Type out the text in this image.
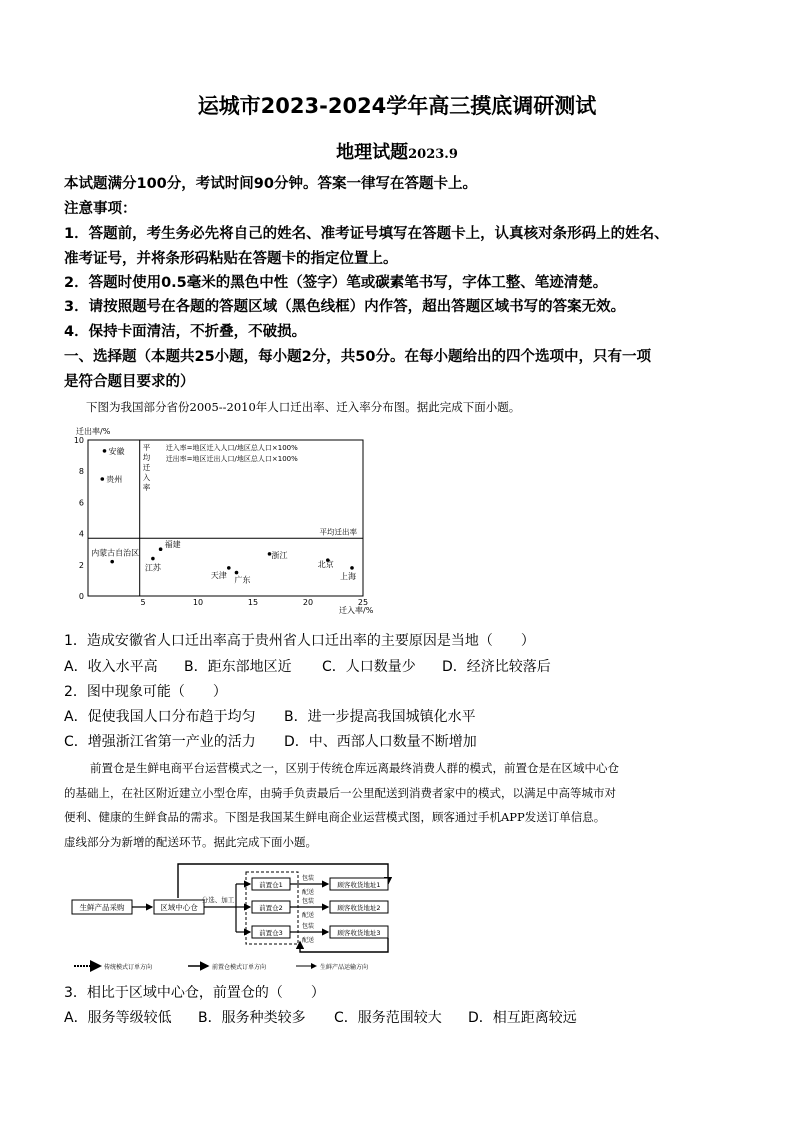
运城市2023-2024学年高三摸底调研测试
地理试题2023.9
本试题满分100分，考试时间90分钟。答案一律写在答题卡上。
注意事项：
1．答题前，考生务必先将自己的姓名、准考证号填写在答题卡上，认真核对条形码上的姓名、
准考证号，并将条形码粘贴在答题卡的指定位置上。
2．答题时使用0.5毫米的黑色中性（签字）笔或碳素笔书写，字体工整、笔迹清楚。
3．请按照题号在各题的答题区域（黑色线框）内作答，超出答题区域书写的答案无效。
4．保持卡面清洁，不折叠，不破损。
一、选择题（本题共25小题，每小题2分，共50分。在每小题给出的四个选项中，只有一项
是符合题目要求的）
下图为我国部分省份2005--2010年人口迁出率、迁入率分布图。据此完成下面小题。
迁出率/%
迁入率/%
0
2
4
6
8
10
5	10	15	20	25
平均迁出率
平均迁入率
迁入率=地区迁入人口/地区总人口×100%
迁出率=地区迁出人口/地区总人口×100%
安徽
贵州
内蒙古自治区
福建
江苏
天津
广东
浙江
北京
上海
1．造成安徽省人口迁出率高于贵州省人口迁出率的主要原因是当地（　　）
A．收入水平高 B．距东部地区近 C．人口数量少 D．经济比较落后
2．图中现象可能（　　）
A．促使我国人口分布趋于均匀 B．进一步提高我国城镇化水平
C．增强浙江省第一产业的活力 D．中、西部人口数量不断增加
前置仓是生鲜电商平台运营模式之一，区别于传统仓库远离最终消费人群的模式，前置仓是在区域中心仓
的基础上，在社区附近建立小型仓库，由骑手负责最后一公里配送到消费者家中的模式，以满足中高等城市对
便利、健康的生鲜食品的需求。下图是我国某生鲜电商企业运营模式图，顾客通过手机APP发送订单信息。
虚线部分为新增的配送环节。据此完成下面小题。
生鲜产品采购	区域中心仓
分选、加工
前置仓1
前置仓2
前置仓3
包装
配送
包装
配送
包装
配送
顾客收货地址1
顾客收货地址2
顾客收货地址3
传统模式订单方向	前置仓模式订单方向	生鲜产品运输方向
3．相比于区域中心仓，前置仓的（　　）
A．服务等级较低 B．服务种类较多 C．服务范围较大 D．相互距离较远
